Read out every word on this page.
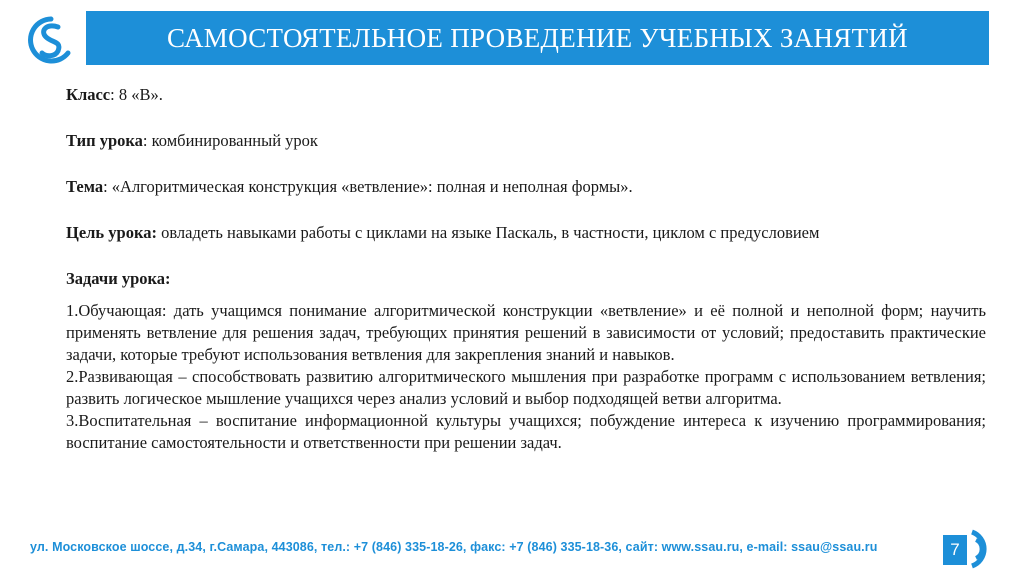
САМОСТОЯТЕЛЬНОЕ ПРОВЕДЕНИЕ УЧЕБНЫХ ЗАНЯТИЙ

Класс: 8 «В».

Тип урока: комбинированный урок

Тема: «Алгоритмическая конструкция «ветвление»: полная и неполная формы».

Цель урока: овладеть навыками работы с циклами на языке Паскаль, в частности, циклом с предусловием

Задачи урока:

1.Обучающая: дать учащимся понимание алгоритмической конструкции «ветвление» и её полной и неполной форм; научить применять ветвление для решения задач, требующих принятия решений в зависимости от условий; предоставить практические задачи, которые требуют использования ветвления для закрепления знаний и навыков.

2.Развивающая – способствовать развитию алгоритмического мышления при разработке программ с использованием ветвления; развить логическое мышление учащихся через анализ условий и выбор подходящей ветви алгоритма.

3.Воспитательная – воспитание информационной культуры учащихся; побуждение интереса к изучению программирования; воспитание самостоятельности и ответственности при решении задач.

ул. Московское шоссе, д.34, г.Самара, 443086, тел.: +7 (846) 335-18-26, факс: +7 (846) 335-18-36, сайт: www.ssau.ru, e-mail: ssau@ssau.ru	7
